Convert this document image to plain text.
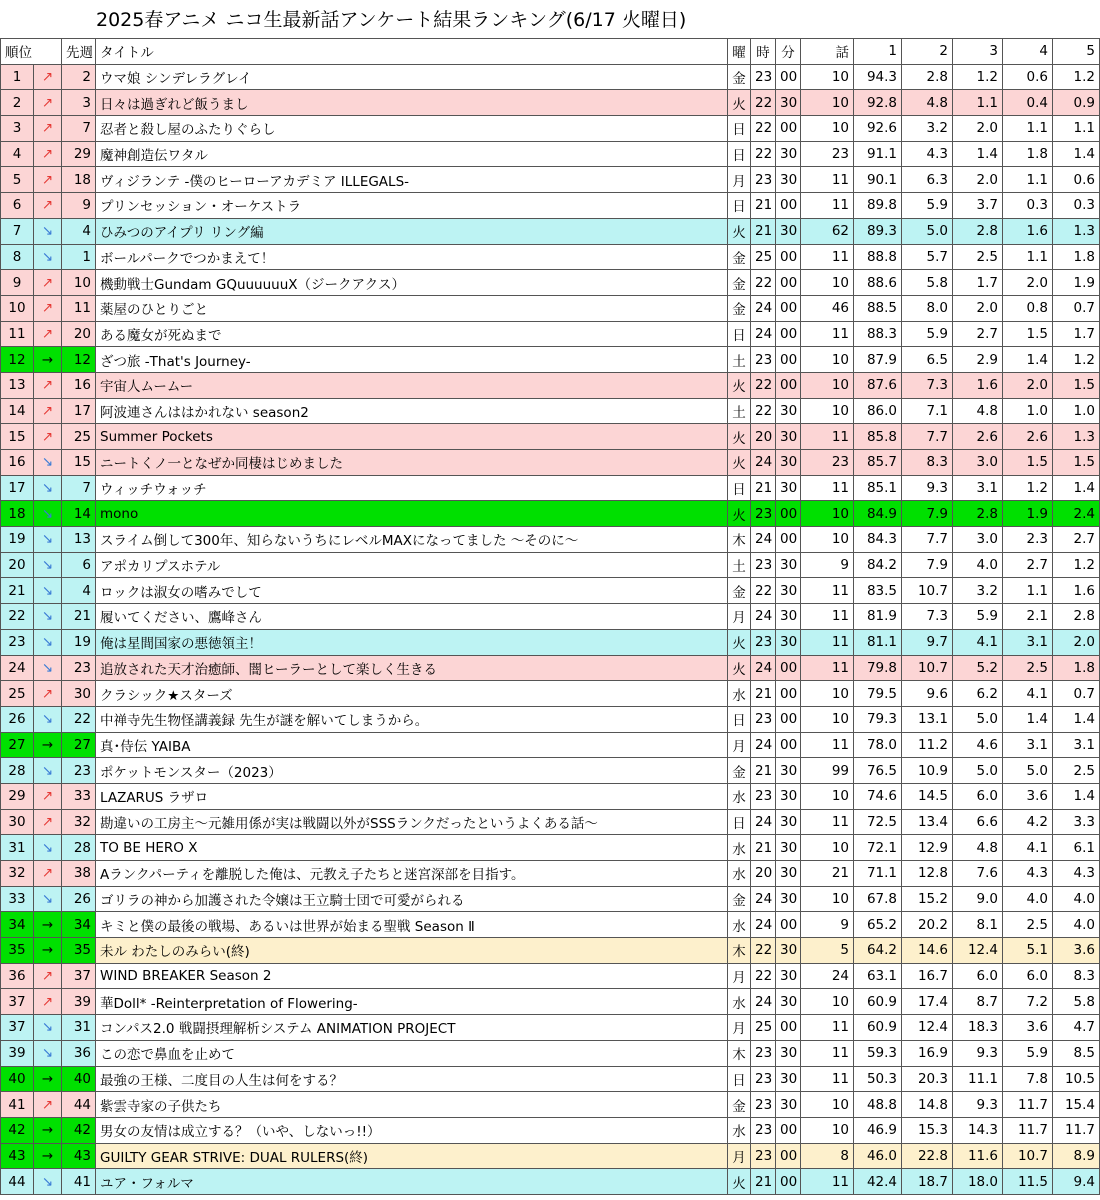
2025春アニメ ニコ生最新話アンケート結果ランキング(6/17 火曜日)
順位		先週	タイトル	曜	時	分	話	1	2	3	4	5
1	↗	2	ウマ娘 シンデレラグレイ	金	23	00	10	94.3	2.8	1.2	0.6	1.2
2	↗	3	日々は過ぎれど飯うまし	火	22	30	10	92.8	4.8	1.1	0.4	0.9
3	↗	7	忍者と殺し屋のふたりぐらし	日	22	00	10	92.6	3.2	2.0	1.1	1.1
4	↗	29	魔神創造伝ワタル	日	22	30	23	91.1	4.3	1.4	1.8	1.4
5	↗	18	ヴィジランテ -僕のヒーローアカデミア ILLEGALS-	月	23	30	11	90.1	6.3	2.0	1.1	0.6
6	↗	9	プリンセッション・オーケストラ	日	21	00	11	89.8	5.9	3.7	0.3	0.3
7	↘	4	ひみつのアイプリ リング編	火	21	30	62	89.3	5.0	2.8	1.6	1.3
8	↘	1	ボールパークでつかまえて！	金	25	00	11	88.8	5.7	2.5	1.1	1.8
9	↗	10	機動戦士Gundam GQuuuuuuX（ジークアクス）	金	22	00	10	88.6	5.8	1.7	2.0	1.9
10	↗	11	薬屋のひとりごと	金	24	00	46	88.5	8.0	2.0	0.8	0.7
11	↗	20	ある魔女が死ぬまで	日	24	00	11	88.3	5.9	2.7	1.5	1.7
12	→	12	ざつ旅 -That's Journey-	土	23	00	10	87.9	6.5	2.9	1.4	1.2
13	↗	16	宇宙人ムームー	火	22	00	10	87.6	7.3	1.6	2.0	1.5
14	↗	17	阿波連さんははかれない season2	土	22	30	10	86.0	7.1	4.8	1.0	1.0
15	↗	25	Summer Pockets	火	20	30	11	85.8	7.7	2.6	2.6	1.3
16	↘	15	ニートくノ一となぜか同棲はじめました	火	24	30	23	85.7	8.3	3.0	1.5	1.5
17	↘	7	ウィッチウォッチ	日	21	30	11	85.1	9.3	3.1	1.2	1.4
18	↘	14	mono	火	23	00	10	84.9	7.9	2.8	1.9	2.4
19	↘	13	スライム倒して300年、知らないうちにレベルMAXになってました ～そのに～	木	24	00	10	84.3	7.7	3.0	2.3	2.7
20	↘	6	アポカリプスホテル	土	23	30	9	84.2	7.9	4.0	2.7	1.2
21	↘	4	ロックは淑女の嗜みでして	金	22	30	11	83.5	10.7	3.2	1.1	1.6
22	↘	21	履いてください、鷹峰さん	月	24	30	11	81.9	7.3	5.9	2.1	2.8
23	↘	19	俺は星間国家の悪徳領主！	火	23	30	11	81.1	9.7	4.1	3.1	2.0
24	↘	23	追放された天才治癒師、闇ヒーラーとして楽しく生きる	火	24	00	11	79.8	10.7	5.2	2.5	1.8
25	↗	30	クラシック★スターズ	水	21	00	10	79.5	9.6	6.2	4.1	0.7
26	↘	22	中禅寺先生物怪講義録 先生が謎を解いてしまうから。	日	23	00	10	79.3	13.1	5.0	1.4	1.4
27	→	27	真･侍伝 YAIBA	月	24	00	11	78.0	11.2	4.6	3.1	3.1
28	↘	23	ポケットモンスター（2023）	金	21	30	99	76.5	10.9	5.0	5.0	2.5
29	↗	33	LAZARUS ラザロ	水	23	30	10	74.6	14.5	6.0	3.6	1.4
30	↗	32	勘違いの工房主～元雑用係が実は戦闘以外がSSSランクだったというよくある話～	日	24	30	11	72.5	13.4	6.6	4.2	3.3
31	↘	28	TO BE HERO X	水	21	30	10	72.1	12.9	4.8	4.1	6.1
32	↗	38	Aランクパーティを離脱した俺は、元教え子たちと迷宮深部を目指す。	水	20	30	21	71.1	12.8	7.6	4.3	4.3
33	↘	26	ゴリラの神から加護された令嬢は王立騎士団で可愛がられる	金	24	30	10	67.8	15.2	9.0	4.0	4.0
34	→	34	キミと僕の最後の戦場、あるいは世界が始まる聖戦 Season Ⅱ	水	24	00	9	65.2	20.2	8.1	2.5	4.0
35	→	35	未ル わたしのみらい(終)	木	22	30	5	64.2	14.6	12.4	5.1	3.6
36	↗	37	WIND BREAKER Season 2	月	22	30	24	63.1	16.7	6.0	6.0	8.3
37	↗	39	華Doll* -Reinterpretation of Flowering-	水	24	30	10	60.9	17.4	8.7	7.2	5.8
37	↘	31	コンパス2.0 戦闘摂理解析システム ANIMATION PROJECT	月	25	00	11	60.9	12.4	18.3	3.6	4.7
39	↘	36	この恋で鼻血を止めて	木	23	30	11	59.3	16.9	9.3	5.9	8.5
40	→	40	最強の王様、二度目の人生は何をする？	日	23	30	11	50.3	20.3	11.1	7.8	10.5
41	↗	44	紫雲寺家の子供たち	金	23	30	10	48.8	14.8	9.3	11.7	15.4
42	→	42	男女の友情は成立する？（いや、しないっ!!）	水	23	00	10	46.9	15.3	14.3	11.7	11.7
43	→	43	GUILTY GEAR STRIVE: DUAL RULERS(終)	月	23	00	8	46.0	22.8	11.6	10.7	8.9
44	↘	41	ユア・フォルマ	火	21	00	11	42.4	18.7	18.0	11.5	9.4
